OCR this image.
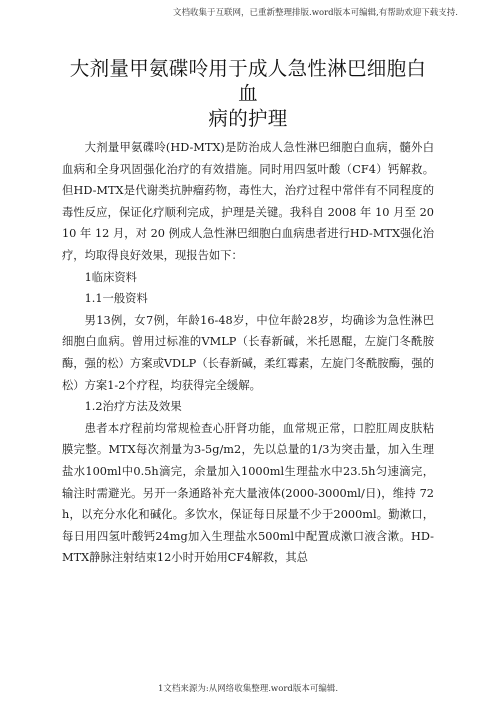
文档收集于互联网，已重新整理排版.word版本可编辑,有帮助欢迎下载支持.
大剂量甲氨碟呤用于成人急性淋巴细胞白血
病的护理

大剂量甲氨碟呤(HD-MTX)是防治成人急性淋巴细胞白血病，髓外白血病和全身巩固强化治疗的有效措施。同时用四氢叶酸（CF4）钙解救。但HD-MTX是代谢类抗肿瘤药物，毒性大，治疗过程中常伴有不同程度的毒性反应，保证化疗顺利完成，护理是关键。我科自 2008 年 10 月至 2010 年 12 月，对 20 例成人急性淋巴细胞白血病患者进行HD-MTX强化治疗，均取得良好效果，现报告如下：

1临床资料

1.1一般资料

男13例，女7例，年龄16-48岁，中位年龄28岁，均确诊为急性淋巴细胞白血病。曾用过标准的VMLP（长春新碱，米托恩醌，左旋门冬酰胺酶，强的松）方案或VDLP（长春新碱，柔红霉素，左旋门冬酰胺酶，强的松）方案1-2个疗程，均获得完全缓解。

1.2治疗方法及效果

患者本疗程前均常规检查心肝肾功能，血常规正常，口腔肛周皮肤粘膜完整。MTX每次剂量为3-5g/m2，先以总量的1/3为突击量，加入生理盐水100ml中0.5h滴完，余量加入1000ml生理盐水中23.5h匀速滴完，输注时需避光。另开一条通路补充大量液体(2000-3000ml/日)，维持 72h，以充分水化和碱化。多饮水，保证每日尿量不少于2000ml。勤漱口，每日用四氢叶酸钙24mg加入生理盐水500ml中配置成漱口液含漱。HD-MTX静脉注射结束12小时开始用CF4解救，其总

1文档来源为:从网络收集整理.word版本可编辑.
